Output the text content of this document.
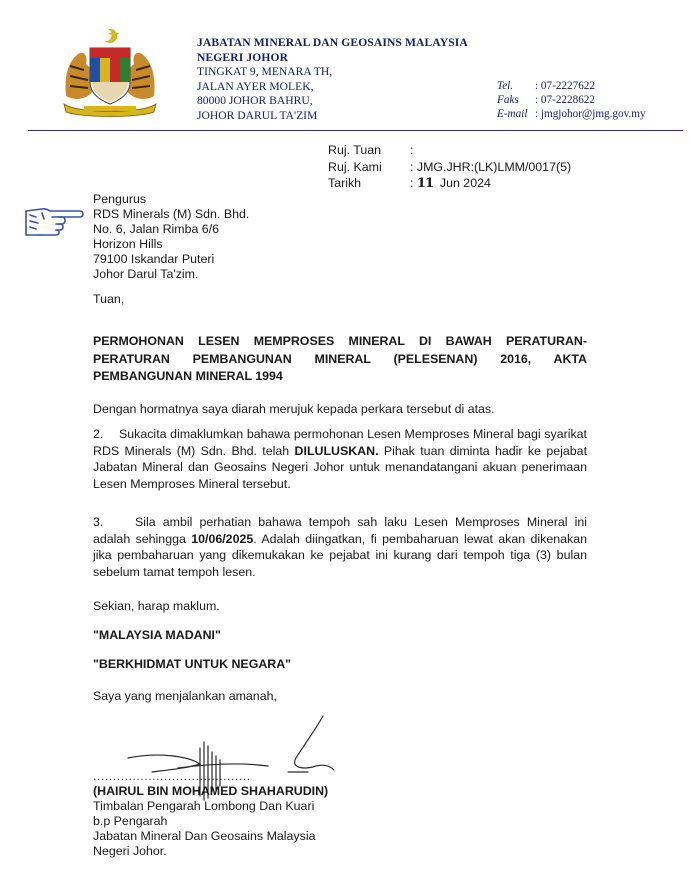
JABATAN MINERAL DAN GEOSAINS MALAYSIA
NEGERI JOHOR
TINGKAT 9, MENARA TH,
JALAN AYER MOLEK,
80000 JOHOR BAHRU,
JOHOR DARUL TA'ZIM
Tel. : 07-2227622
Faks : 07-2228622
E-mail : jmgjohor@jmg.gov.my
Ruj. Tuan :
Ruj. Kami : JMG.JHR:(LK)LMM/0017(5)
Tarikh	: 11 Jun 2024
Pengurus
RDS Minerals (M) Sdn. Bhd.
No. 6, Jalan Rimba 6/6
Horizon Hills
79100 Iskandar Puteri
Johor Darul Ta'zim.
Tuan,
PERMOHONAN LESEN MEMPROSES MINERAL DI BAWAH PERATURAN-PERATURAN PEMBANGUNAN MINERAL (PELESENAN) 2016, AKTA PEMBANGUNAN MINERAL 1994
Dengan hormatnya saya diarah merujuk kepada perkara tersebut di atas.
2. Sukacita dimaklumkan bahawa permohonan Lesen Memproses Mineral bagi syarikat RDS Minerals (M) Sdn. Bhd. telah DILULUSKAN. Pihak tuan diminta hadir ke pejabat Jabatan Mineral dan Geosains Negeri Johor untuk menandatangani akuan penerimaan Lesen Memproses Mineral tersebut.
3.	Sila ambil perhatian bahawa tempoh sah laku Lesen Memproses Mineral ini adalah sehingga 10/06/2025. Adalah diingatkan, fi pembaharuan lewat akan dikenakan jika pembaharuan yang dikemukakan ke pejabat ini kurang dari tempoh tiga (3) bulan sebelum tamat tempoh lesen.
Sekian, harap maklum.
"MALAYSIA MADANI"
"BERKHIDMAT UNTUK NEGARA"
Saya yang menjalankan amanah,
........................................
(HAIRUL BIN MOHAMED SHAHARUDIN)
Timbalan Pengarah Lombong Dan Kuari
b.p Pengarah
Jabatan Mineral Dan Geosains Malaysia
Negeri Johor.
